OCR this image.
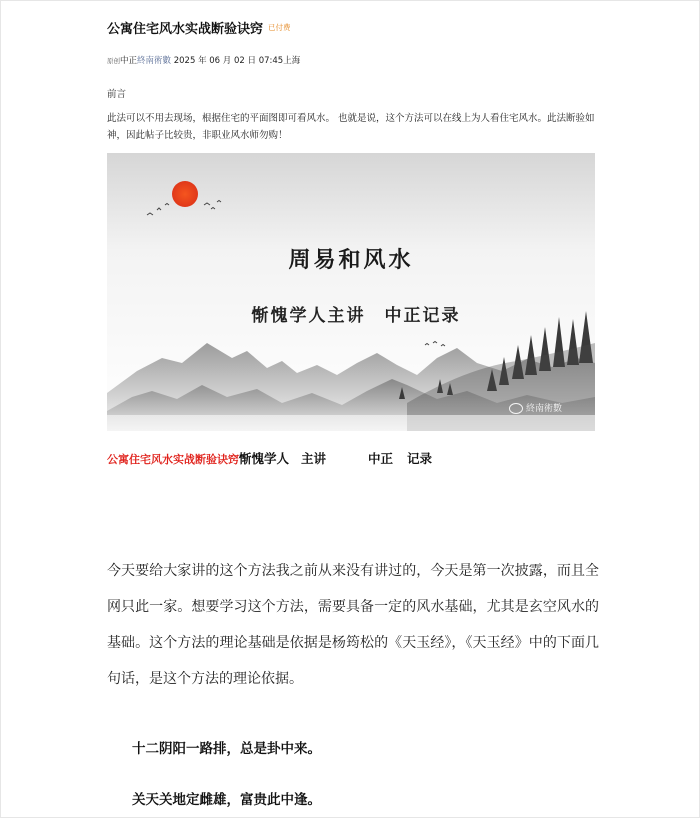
公寓住宅风水实战断验诀窍 已付费
原创中正終南術數 2025 年 06 月 02 日 07:45上海
前言
此法可以不用去现场，根据住宅的平面图即可看风水。 也就是说，这个方法可以在线上为人看住宅风水。此法断验如神，因此帖子比较贵，非职业风水师勿购！
周易和风水
惭愧学人主讲　中正记录
終南術數
公寓住宅风水实战断验诀窍惭愧学人 主讲	中正 记录
今天要给大家讲的这个方法我之前从来没有讲过的，今天是第一次披露，而且全网只此一家。想要学习这个方法，需要具备一定的风水基础，尤其是玄空风水的基础。这个方法的理论基础是依据是杨筠松的《天玉经》，《天玉经》中的下面几句话，是这个方法的理论依据。
十二阴阳一路排，总是卦中来。
关天关地定雌雄，富贵此中逢。
